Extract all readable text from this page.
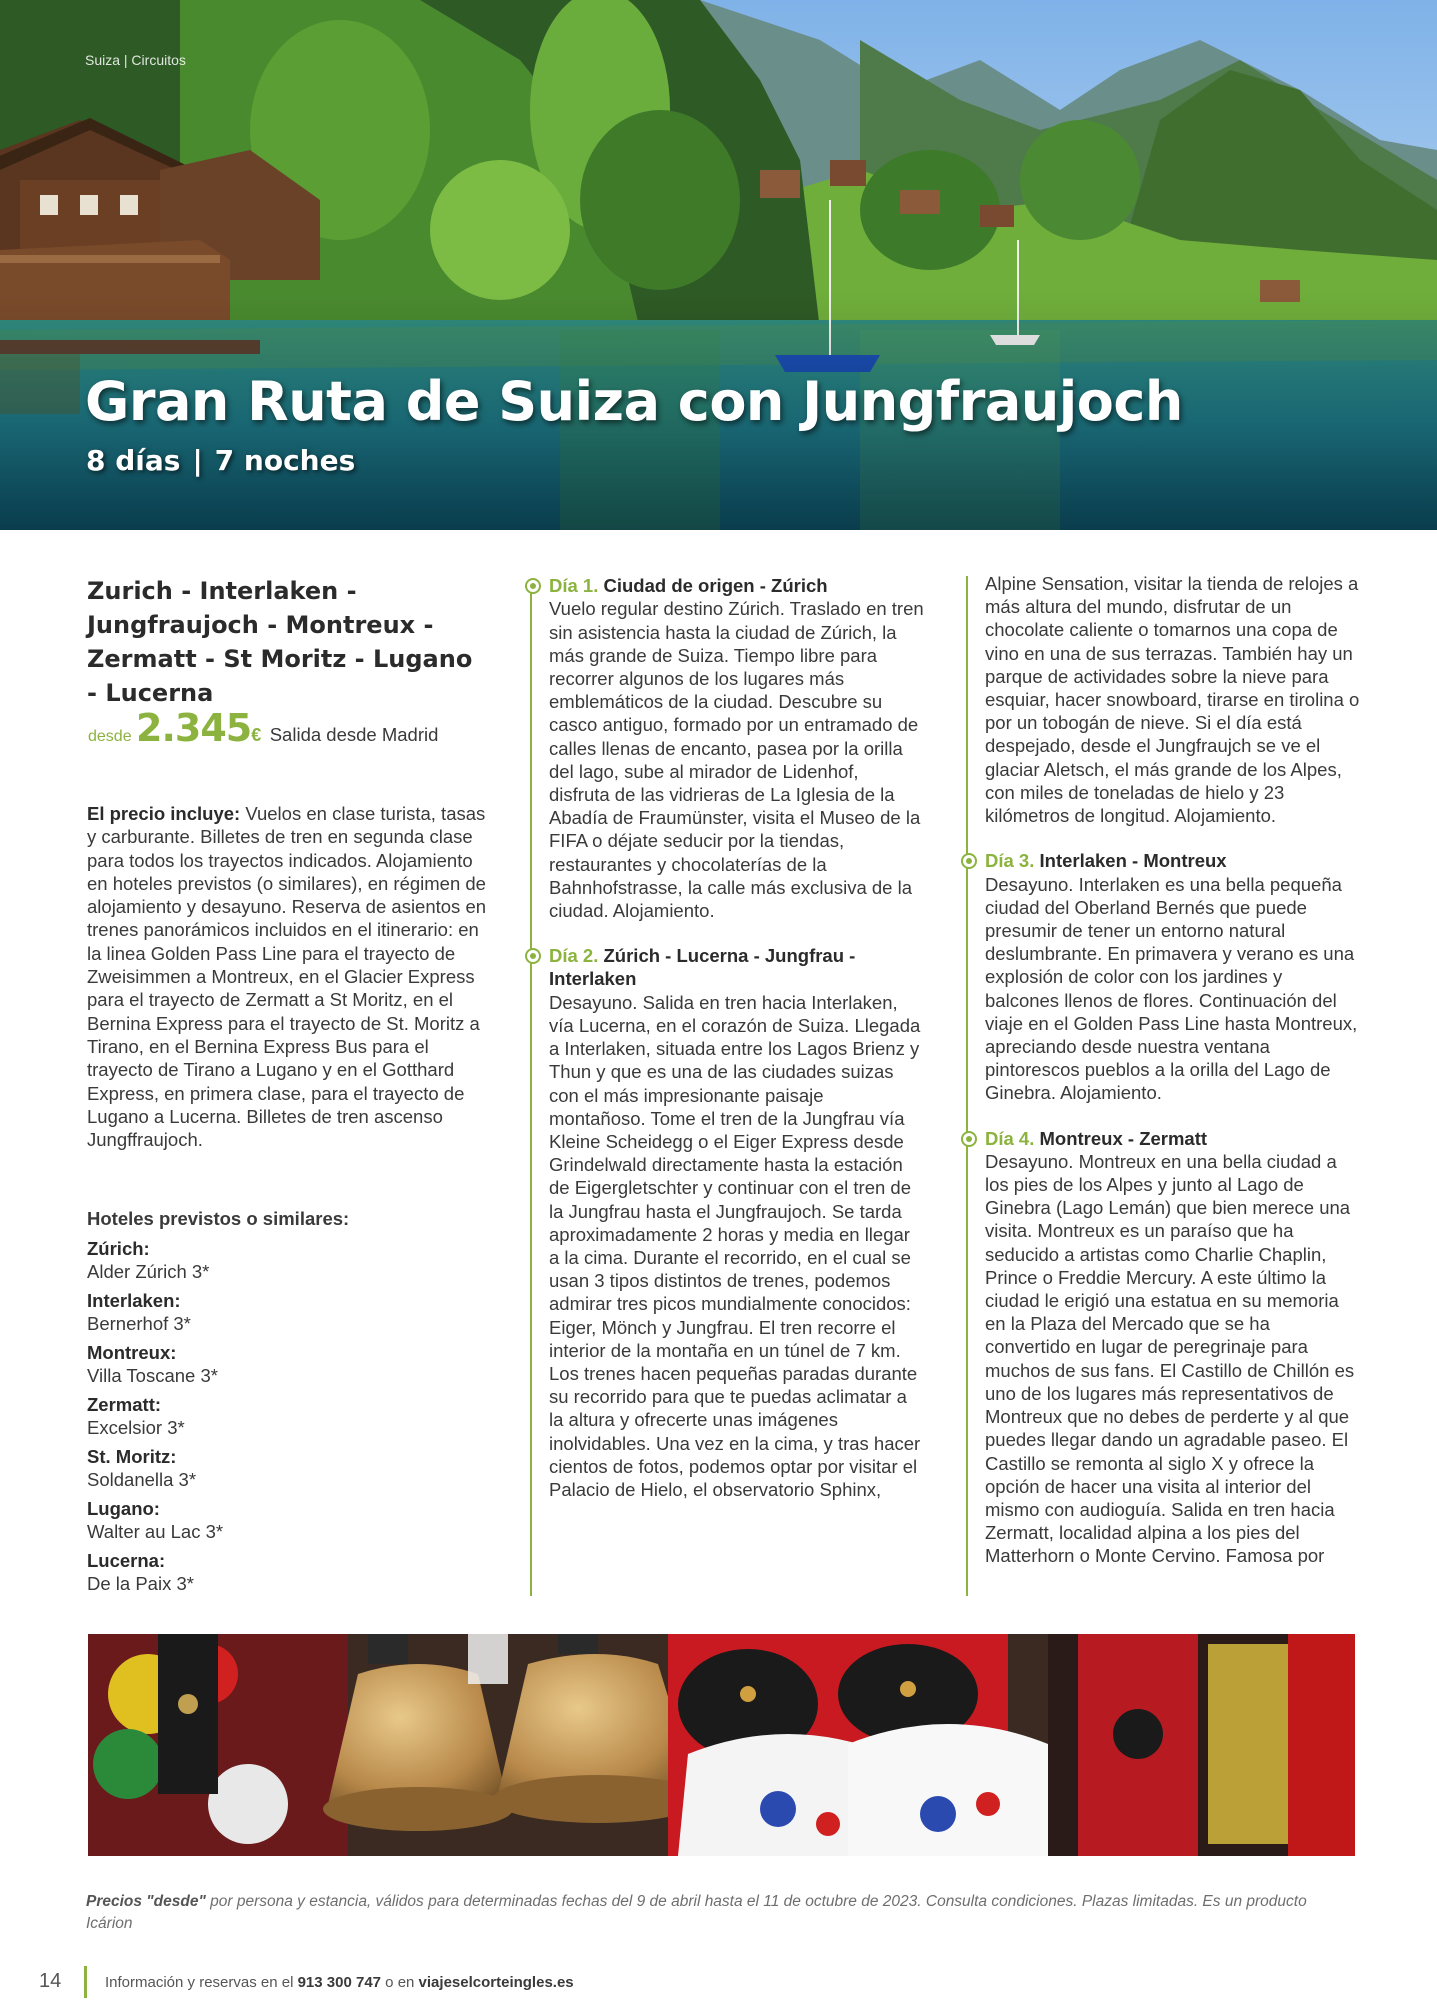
Suiza | Circuitos
Gran Ruta de Suiza con Jungfraujoch
8 días | 7 noches
Zurich - Interlaken - Jungfraujoch - Montreux - Zermatt - St Moritz - Lugano - Lucerna
desde 2.345€ Salida desde Madrid
El precio incluye: Vuelos en clase turista, tasas y carburante. Billetes de tren en segunda clase para todos los trayectos indicados. Alojamiento en hoteles previstos (o similares), en régimen de alojamiento y desayuno. Reserva de asientos en trenes panorámicos incluidos en el itinerario: en la linea Golden Pass Line para el trayecto de Zweisimmen a Montreux, en el Glacier Express para el trayecto de Zermatt a St Moritz, en el Bernina Express para el trayecto de St. Moritz a Tirano, en el Bernina Express Bus para el trayecto de Tirano a Lugano y en el Gotthard Express, en primera clase, para el trayecto de Lugano a Lucerna. Billetes de tren ascenso Jungffraujoch.
Hoteles previstos o similares:
Zúrich:
Alder Zúrich 3*
Interlaken:
Bernerhof 3*
Montreux:
Villa Toscane 3*
Zermatt:
Excelsior 3*
St. Moritz:
Soldanella 3*
Lugano:
Walter au Lac 3*
Lucerna:
De la Paix 3*
Día 1. Ciudad de origen - Zúrich
Vuelo regular destino Zúrich. Traslado en tren sin asistencia hasta la ciudad de Zúrich, la más grande de Suiza. Tiempo libre para recorrer algunos de los lugares más emblemáticos de la ciudad. Descubre su casco antiguo, formado por un entramado de calles llenas de encanto, pasea por la orilla del lago, sube al mirador de Lidenhof, disfruta de las vidrieras de La Iglesia de la Abadía de Fraumünster, visita el Museo de la FIFA o déjate seducir por la tiendas, restaurantes y chocolaterías de la Bahnhofstrasse, la calle más exclusiva de la ciudad. Alojamiento.
Día 2. Zúrich - Lucerna - Jungfrau - Interlaken
Desayuno. Salida en tren hacia Interlaken, vía Lucerna, en el corazón de Suiza. Llegada a Interlaken, situada entre los Lagos Brienz y Thun y que es una de las ciudades suizas con el más impresionante paisaje montañoso. Tome el tren de la Jungfrau vía Kleine Scheidegg o el Eiger Express desde Grindelwald directamente hasta la estación de Eigergletschter y continuar con el tren de la Jungfrau hasta el Jungfraujoch. Se tarda aproximadamente 2 horas y media en llegar a la cima. Durante el recorrido, en el cual se usan 3 tipos distintos de trenes, podemos admirar tres picos mundialmente conocidos: Eiger, Mönch y Jungfrau. El tren recorre el interior de la montaña en un túnel de 7 km. Los trenes hacen pequeñas paradas durante su recorrido para que te puedas aclimatar a la altura y ofrecerte unas imágenes inolvidables. Una vez en la cima, y tras hacer cientos de fotos, podemos optar por visitar el Palacio de Hielo, el observatorio Sphinx,
Alpine Sensation, visitar la tienda de relojes a más altura del mundo, disfrutar de un chocolate caliente o tomarnos una copa de vino en una de sus terrazas. También hay un parque de actividades sobre la nieve para esquiar, hacer snowboard, tirarse en tirolina o por un tobogán de nieve. Si el día está despejado, desde el Jungfraujch se ve el glaciar Aletsch, el más grande de los Alpes, con miles de toneladas de hielo y 23 kilómetros de longitud. Alojamiento.
Día 3. Interlaken - Montreux
Desayuno. Interlaken es una bella pequeña ciudad del Oberland Bernés que puede presumir de tener un entorno natural deslumbrante. En primavera y verano es una explosión de color con los jardines y balcones llenos de flores. Continuación del viaje en el Golden Pass Line hasta Montreux, apreciando desde nuestra ventana pintorescos pueblos a la orilla del Lago de Ginebra. Alojamiento.
Día 4. Montreux - Zermatt
Desayuno. Montreux en una bella ciudad a los pies de los Alpes y junto al Lago de Ginebra (Lago Lemán) que bien merece una visita. Montreux es un paraíso que ha seducido a artistas como Charlie Chaplin, Prince o Freddie Mercury. A este último la ciudad le erigió una estatua en su memoria en la Plaza del Mercado que se ha convertido en lugar de peregrinaje para muchos de sus fans. El Castillo de Chillón es uno de los lugares más representativos de Montreux que no debes de perderte y al que puedes llegar dando un agradable paseo. El Castillo se remonta al siglo X y ofrece la opción de hacer una visita al interior del mismo con audioguía. Salida en tren hacia Zermatt, localidad alpina a los pies del Matterhorn o Monte Cervino. Famosa por
Precios "desde" por persona y estancia, válidos para determinadas fechas del 9 de abril hasta el 11 de octubre de 2023. Consulta condiciones. Plazas limitadas. Es un producto Icárion
14	Información y reservas en el 913 300 747 o en viajeselcorteingles.es
